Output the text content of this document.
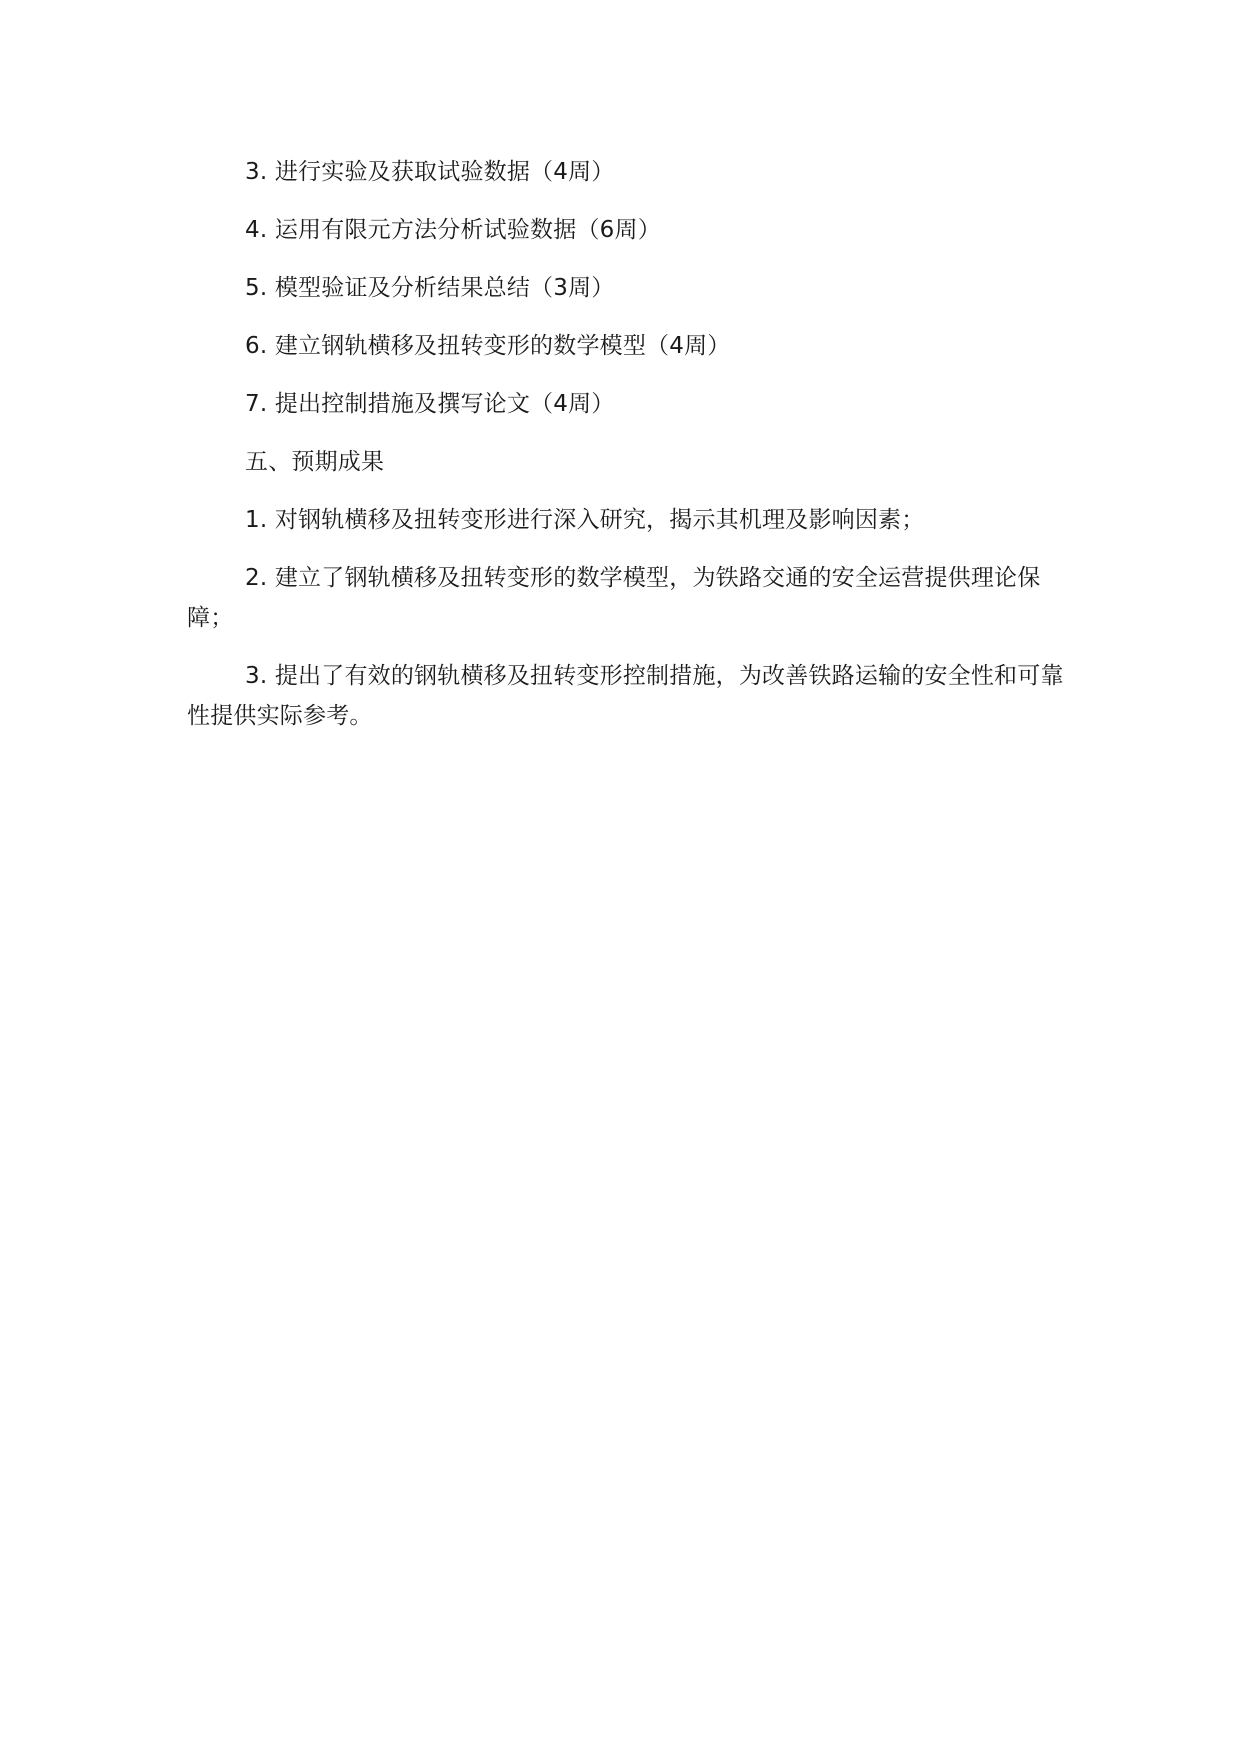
3. 进行实验及获取试验数据（4周）

4. 运用有限元方法分析试验数据（6周）

5. 模型验证及分析结果总结（3周）

6. 建立钢轨横移及扭转变形的数学模型（4周）

7. 提出控制措施及撰写论文（4周）

五、预期成果

1. 对钢轨横移及扭转变形进行深入研究，揭示其机理及影响因素；

2. 建立了钢轨横移及扭转变形的数学模型，为铁路交通的安全运营提供理论保障；

3. 提出了有效的钢轨横移及扭转变形控制措施，为改善铁路运输的安全性和可靠性提供实际参考。
